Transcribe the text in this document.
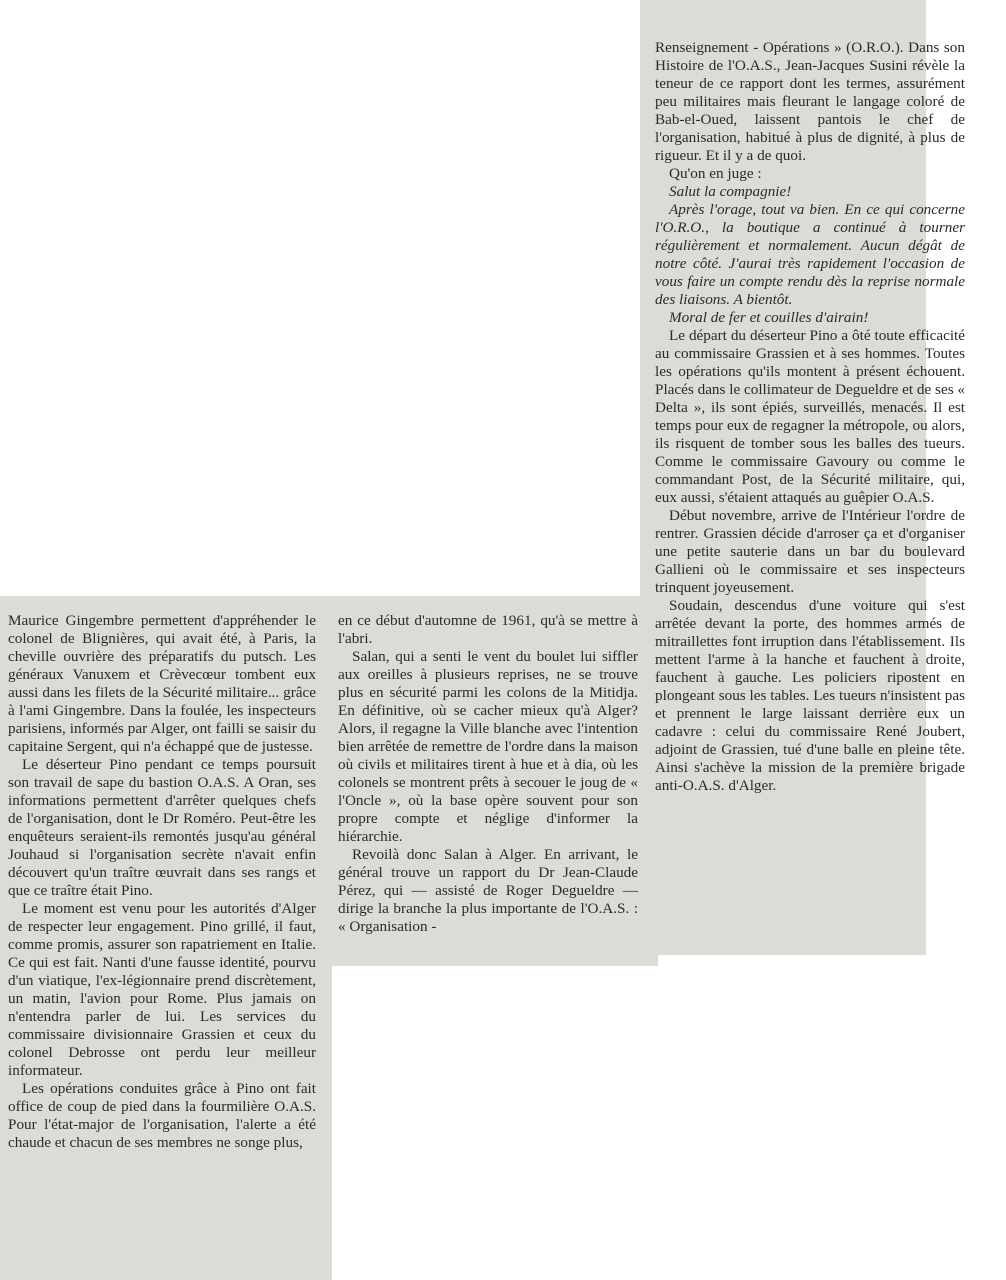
Renseignement - Opérations » (O.R.O.). Dans son Histoire de l'O.A.S., Jean-Jacques Susini révèle la teneur de ce rapport dont les termes, assurément peu militaires mais fleurant le langage coloré de Bab-el-Oued, laissent pantois le chef de l'organisation, habitué à plus de dignité, à plus de rigueur. Et il y a de quoi.

Qu'on en juge :

Salut la compagnie!

Après l'orage, tout va bien. En ce qui concerne l'O.R.O., la boutique a continué à tourner régulièrement et normalement. Aucun dégât de notre côté. J'aurai très rapidement l'occasion de vous faire un compte rendu dès la reprise normale des liaisons. A bientôt.

Moral de fer et couilles d'airain!

Le départ du déserteur Pino a ôté toute efficacité au commissaire Grassien et à ses hommes. Toutes les opérations qu'ils montent à présent échouent. Placés dans le collimateur de Degueldre et de ses « Delta », ils sont épiés, surveillés, menacés. Il est temps pour eux de regagner la métropole, ou alors, ils risquent de tomber sous les balles des tueurs. Comme le commissaire Gavoury ou comme le commandant Post, de la Sécurité militaire, qui, eux aussi, s'étaient attaqués au guêpier O.A.S.

Début novembre, arrive de l'Intérieur l'ordre de rentrer. Grassien décide d'arroser ça et d'organiser une petite sauterie dans un bar du boulevard Gallieni où le commissaire et ses inspecteurs trinquent joyeusement.

Soudain, descendus d'une voiture qui s'est arrêtée devant la porte, des hommes armés de mitraillettes font irruption dans l'établissement. Ils mettent l'arme à la hanche et fauchent à droite, fauchent à gauche. Les policiers ripostent en plongeant sous les tables. Les tueurs n'insistent pas et prennent le large laissant derrière eux un cadavre : celui du commissaire René Joubert, adjoint de Grassien, tué d'une balle en pleine tête. Ainsi s'achève la mission de la première brigade anti-O.A.S. d'Alger.

Maurice Gingembre permettent d'appréhender le colonel de Blignières, qui avait été, à Paris, la cheville ouvrière des préparatifs du putsch. Les généraux Vanuxem et Crèvecœur tombent eux aussi dans les filets de la Sécurité militaire... grâce à l'ami Gingembre. Dans la foulée, les inspecteurs parisiens, informés par Alger, ont failli se saisir du capitaine Sergent, qui n'a échappé que de justesse.

Le déserteur Pino pendant ce temps poursuit son travail de sape du bastion O.A.S. A Oran, ses informations permettent d'arrêter quelques chefs de l'organisation, dont le Dr Roméro. Peut-être les enquêteurs seraient-ils remontés jusqu'au général Jouhaud si l'organisation secrète n'avait enfin découvert qu'un traître œuvrait dans ses rangs et que ce traître était Pino.

Le moment est venu pour les autorités d'Alger de respecter leur engagement. Pino grillé, il faut, comme promis, assurer son rapatriement en Italie. Ce qui est fait. Nanti d'une fausse identité, pourvu d'un viatique, l'ex-légionnaire prend discrètement, un matin, l'avion pour Rome. Plus jamais on n'entendra parler de lui. Les services du commissaire divisionnaire Grassien et ceux du colonel Debrosse ont perdu leur meilleur informateur.

Les opérations conduites grâce à Pino ont fait office de coup de pied dans la fourmilière O.A.S. Pour l'état-major de l'organisation, l'alerte a été chaude et chacun de ses membres ne songe plus,

en ce début d'automne de 1961, qu'à se mettre à l'abri.

Salan, qui a senti le vent du boulet lui siffler aux oreilles à plusieurs reprises, ne se trouve plus en sécurité parmi les colons de la Mitidja. En définitive, où se cacher mieux qu'à Alger? Alors, il regagne la Ville blanche avec l'intention bien arrêtée de remettre de l'ordre dans la maison où civils et militaires tirent à hue et à dia, où les colonels se montrent prêts à secouer le joug de « l'Oncle », où la base opère souvent pour son propre compte et néglige d'informer la hiérarchie.

Revoilà donc Salan à Alger. En arrivant, le général trouve un rapport du Dr Jean-Claude Pérez, qui — assisté de Roger Degueldre — dirige la branche la plus importante de l'O.A.S. : « Organisation -
